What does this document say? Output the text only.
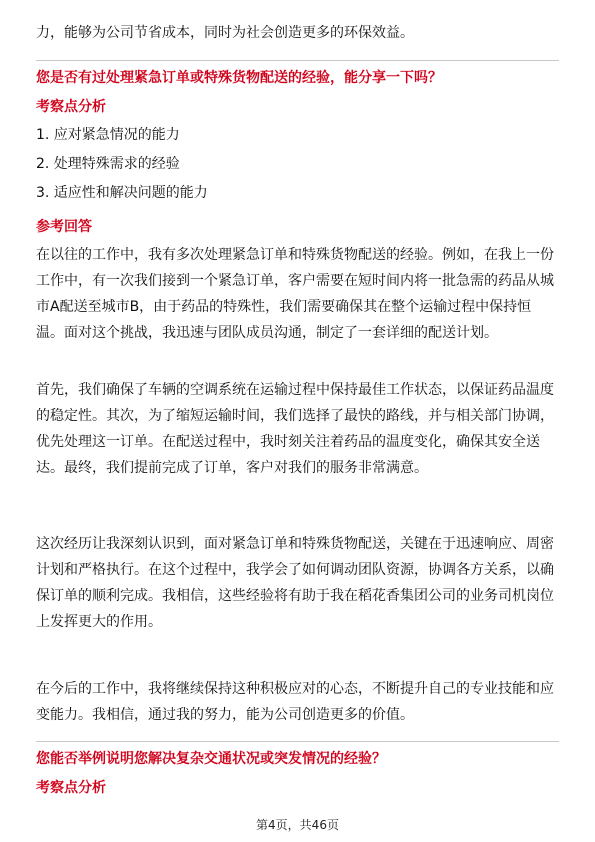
力，能够为公司节省成本，同时为社会创造更多的环保效益。
您是否有过处理紧急订单或特殊货物配送的经验，能分享一下吗？
考察点分析
1. 应对紧急情况的能力
2. 处理特殊需求的经验
3. 适应性和解决问题的能力
参考回答

在以往的工作中，我有多次处理紧急订单和特殊货物配送的经验。例如，在我上一份工作中，有一次我们接到一个紧急订单，客户需要在短时间内将一批急需的药品从城市A配送至城市B，由于药品的特殊性，我们需要确保其在整个运输过程中保持恒温。面对这个挑战，我迅速与团队成员沟通，制定了一套详细的配送计划。

首先，我们确保了车辆的空调系统在运输过程中保持最佳工作状态，以保证药品温度的稳定性。其次，为了缩短运输时间，我们选择了最快的路线，并与相关部门协调，优先处理这一订单。在配送过程中，我时刻关注着药品的温度变化，确保其安全送达。最终，我们提前完成了订单，客户对我们的服务非常满意。

这次经历让我深刻认识到，面对紧急订单和特殊货物配送，关键在于迅速响应、周密计划和严格执行。在这个过程中，我学会了如何调动团队资源，协调各方关系，以确保订单的顺利完成。我相信，这些经验将有助于我在稻花香集团公司的业务司机岗位上发挥更大的作用。

在今后的工作中，我将继续保持这种积极应对的心态，不断提升自己的专业技能和应变能力。我相信，通过我的努力，能为公司创造更多的价值。

您能否举例说明您解决复杂交通状况或突发情况的经验？
考察点分析
第4页，共46页
